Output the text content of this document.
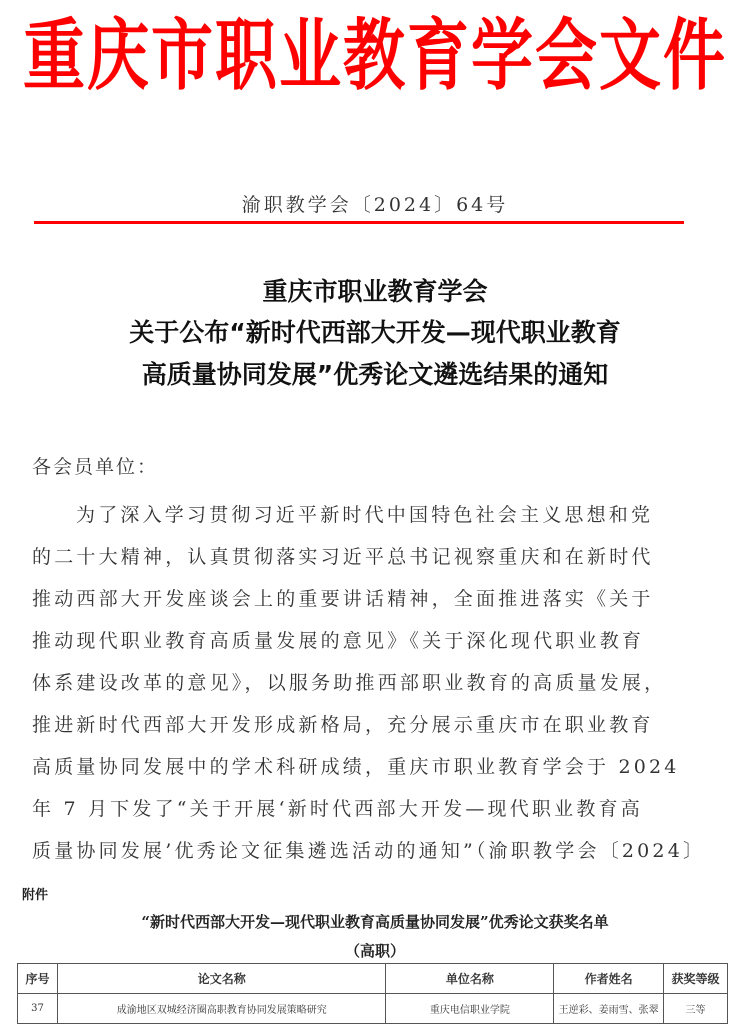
重庆市职业教育学会文件
渝职教学会〔2024〕64号
重庆市职业教育学会
关于公布“新时代西部大开发—现代职业教育
高质量协同发展”优秀论文遴选结果的通知
各会员单位：
为了深入学习贯彻习近平新时代中国特色社会主义思想和党
的二十大精神，认真贯彻落实习近平总书记视察重庆和在新时代
推动西部大开发座谈会上的重要讲话精神，全面推进落实《关于
推动现代职业教育高质量发展的意见》《关于深化现代职业教育
体系建设改革的意见》，以服务助推西部职业教育的高质量发展，
推进新时代西部大开发形成新格局，充分展示重庆市在职业教育
高质量协同发展中的学术科研成绩，重庆市职业教育学会于 2024
年 7 月下发了“关于开展‘新时代西部大开发—现代职业教育高
质量协同发展’优秀论文征集遴选活动的通知”（渝职教学会〔2024〕
附件
“新时代西部大开发—现代职业教育高质量协同发展”优秀论文获奖名单
（高职）
序号	论文名称	单位名称	作者姓名	获奖等级
37	成渝地区双城经济圈高职教育协同发展策略研究	重庆电信职业学院	王逆彩、姜雨雪、张翠	三等
